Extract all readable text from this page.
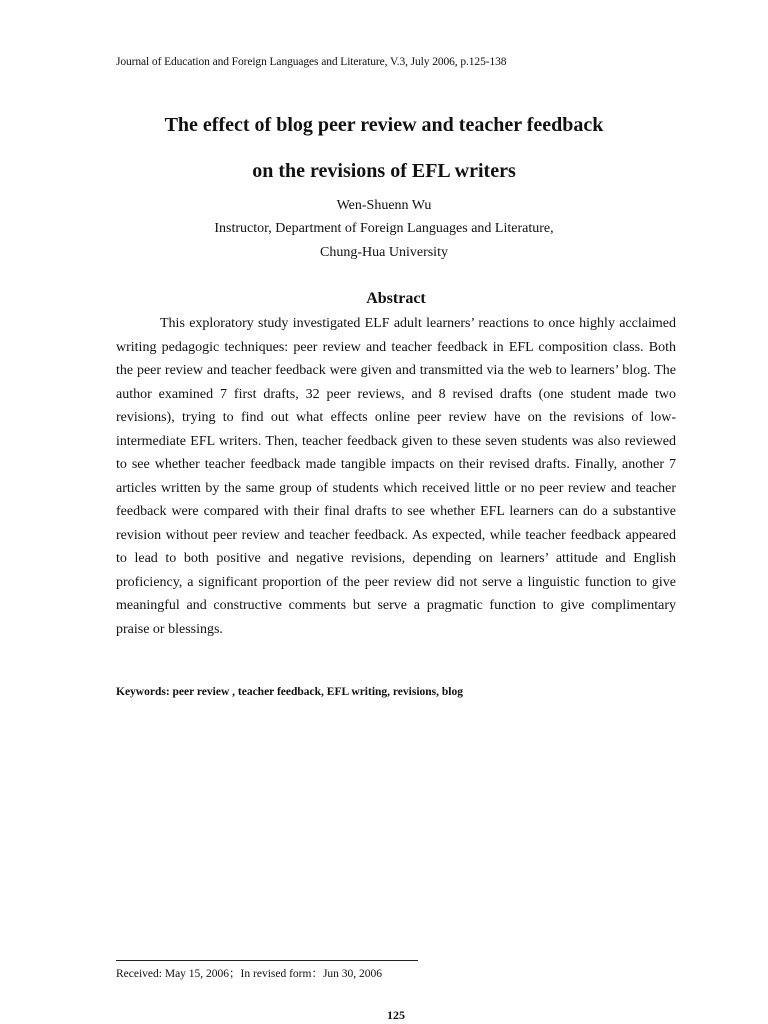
Journal of Education and Foreign Languages and Literature, V.3, July 2006, p.125-138
The effect of blog peer review and teacher feedback
on the revisions of EFL writers
Wen-Shuenn Wu
Instructor, Department of Foreign Languages and Literature,
Chung-Hua University
Abstract

This exploratory study investigated ELF adult learners’ reactions to once highly acclaimed writing pedagogic techniques: peer review and teacher feedback in EFL composition class. Both the peer review and teacher feedback were given and transmitted via the web to learners’ blog. The author examined 7 first drafts, 32 peer reviews, and 8 revised drafts (one student made two revisions), trying to find out what effects online peer review have on the revisions of low-intermediate EFL writers. Then, teacher feedback given to these seven students was also reviewed to see whether teacher feedback made tangible impacts on their revised drafts. Finally, another 7 articles written by the same group of students which received little or no peer review and teacher feedback were compared with their final drafts to see whether EFL learners can do a substantive revision without peer review and teacher feedback. As expected, while teacher feedback appeared to lead to both positive and negative revisions, depending on learners’ attitude and English proficiency, a significant proportion of the peer review did not serve a linguistic function to give meaningful and constructive comments but serve a pragmatic function to give complimentary praise or blessings.

Keywords: peer review , teacher feedback, EFL writing, revisions, blog
Received: May 15, 2006；In revised form：Jun 30, 2006
125
